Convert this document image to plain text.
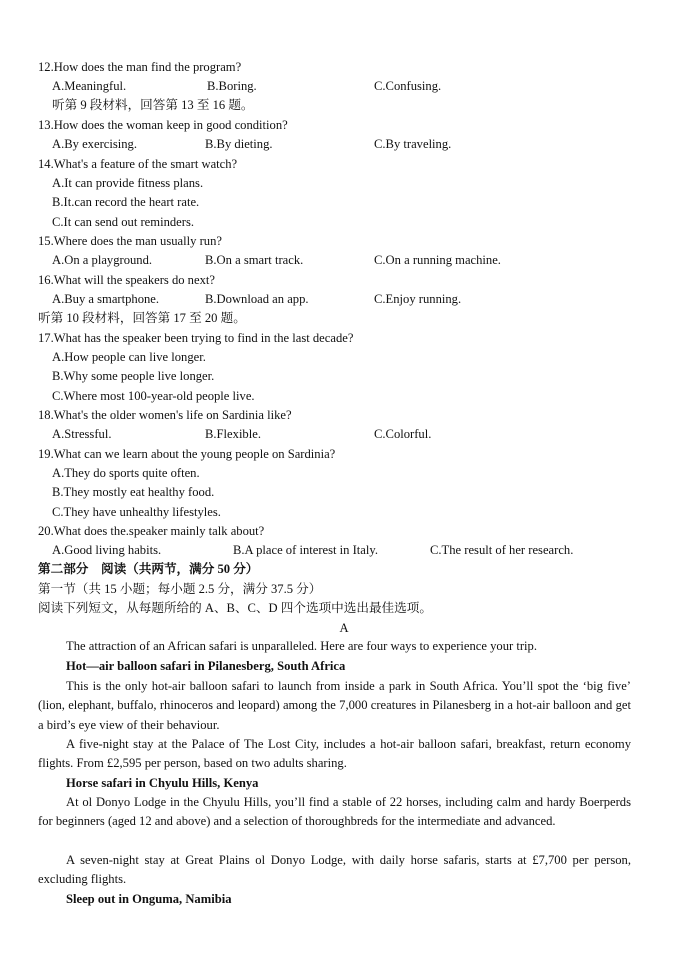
12.How does the man find the program?
A.Meaningful.	B.Boring.	C.Confusing.
听第 9 段材料，回答第 13 至 16 题。
13.How does the woman keep in good condition?
A.By exercising.	B.By dieting.	C.By traveling.
14.What's a feature of the smart watch?
A.It can provide fitness plans.
B.It.can record the heart rate.
C.It can send out reminders.
15.Where does the man usually run?
A.On a playground.	B.On a smart track.	C.On a running machine.
16.What will the speakers do next?
A.Buy a smartphone.	B.Download an app.	C.Enjoy running.
听第 10 段材料，回答第 17 至 20 题。
17.What has the speaker been trying to find in the last decade?
A.How people can live longer.
B.Why some people live longer.
C.Where most 100-year-old people live.
18.What's the older women's life on Sardinia like?
A.Stressful.	B.Flexible.	C.Colorful.
19.What can we learn about the young people on Sardinia?
A.They do sports quite often.
B.They mostly eat healthy food.
C.They have unhealthy lifestyles.
20.What does the.speaker mainly talk about?
A.Good living habits.	B.A place of interest in Italy.	C.The result of her research.
第二部分　阅读（共两节，满分 50 分）
第一节（共 15 小题；每小题 2.5 分，满分 37.5 分）
阅读下列短文，从每题所给的 A、B、C、D 四个选项中选出最佳选项。
A
The attraction of an African safari is unparalleled. Here are four ways to experience your trip.
Hot—air balloon safari in Pilanesberg, South Africa
This is the only hot-air balloon safari to launch from inside a park in South Africa. You’ll spot the ‘big five’ (lion, elephant, buffalo, rhinoceros and leopard) among the 7,000 creatures in Pilanesberg in a hot-air balloon and get a bird’s eye view of their behaviour.
A five-night stay at the Palace of The Lost City, includes a hot-air balloon safari, breakfast, return economy flights. From £2,595 per person, based on two adults sharing.
Horse safari in Chyulu Hills, Kenya
At ol Donyo Lodge in the Chyulu Hills, you’ll find a stable of 22 horses, including calm and hardy Boerperds for beginners (aged 12 and above) and a selection of thoroughbreds for the intermediate and advanced.
A seven-night stay at Great Plains ol Donyo Lodge, with daily horse safaris, starts at £7,700 per person, excluding flights.
Sleep out in Onguma, Namibia
